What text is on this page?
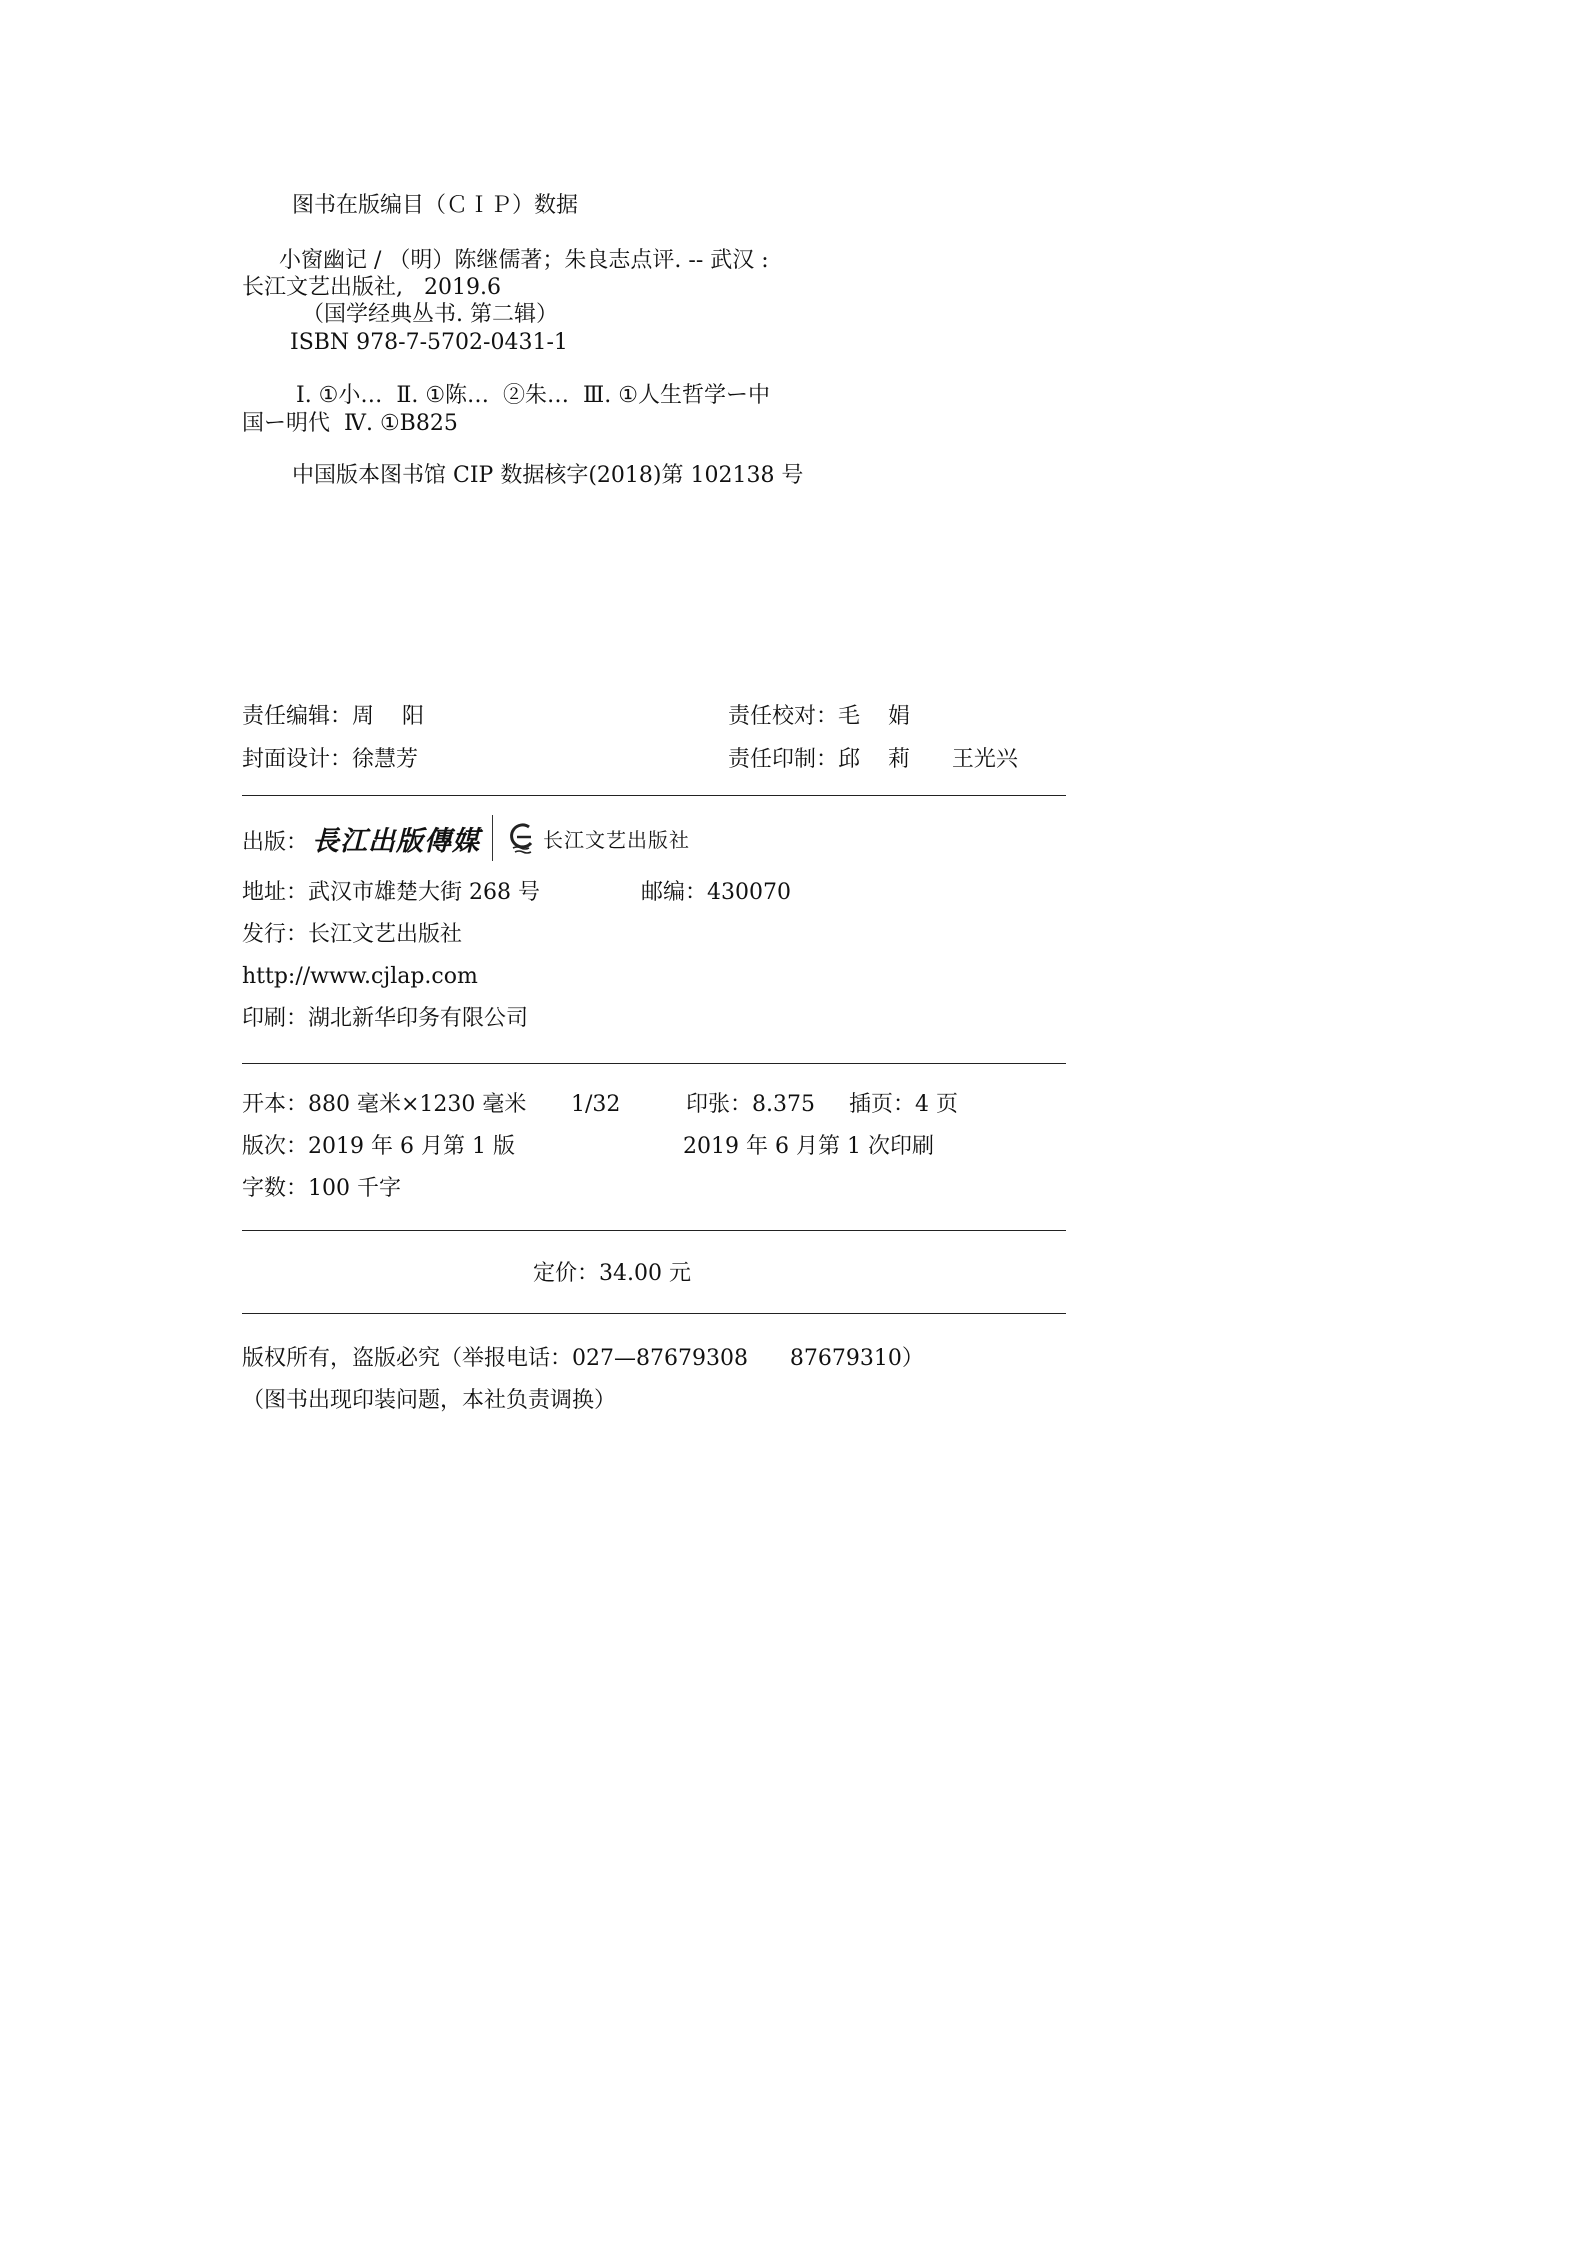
图书在版编目（ＣＩＰ）数据
小窗幽记 / （明）陈继儒著；朱良志点评. -- 武汉 :
长江文艺出版社,   2019.6
（国学经典丛书. 第二辑）
ISBN 978-7-5702-0431-1
Ⅰ. ①小…  Ⅱ. ①陈…  ②朱…  Ⅲ. ①人生哲学ー中
国ー明代  Ⅳ. ①B825
中国版本图书馆 CIP 数据核字(2018)第 102138 号
责任编辑：周    阳	责任校对：毛    娟
封面设计：徐慧芳	责任印制：邱    莉      王光兴
出版： 長江出版傳媒	长江文艺出版社
地址：武汉市雄楚大街 268 号	邮编：430070
发行：长江文艺出版社
http://www.cjlap.com
印刷：湖北新华印务有限公司
开本：880 毫米×1230 毫米 1/32	印张：8.375 插页：4 页
版次：2019 年 6 月第 1 版	2019 年 6 月第 1 次印刷
字数：100 千字
定价：34.00 元
版权所有，盗版必究（举报电话：027—87679308      87679310）
（图书出现印装问题，本社负责调换）
